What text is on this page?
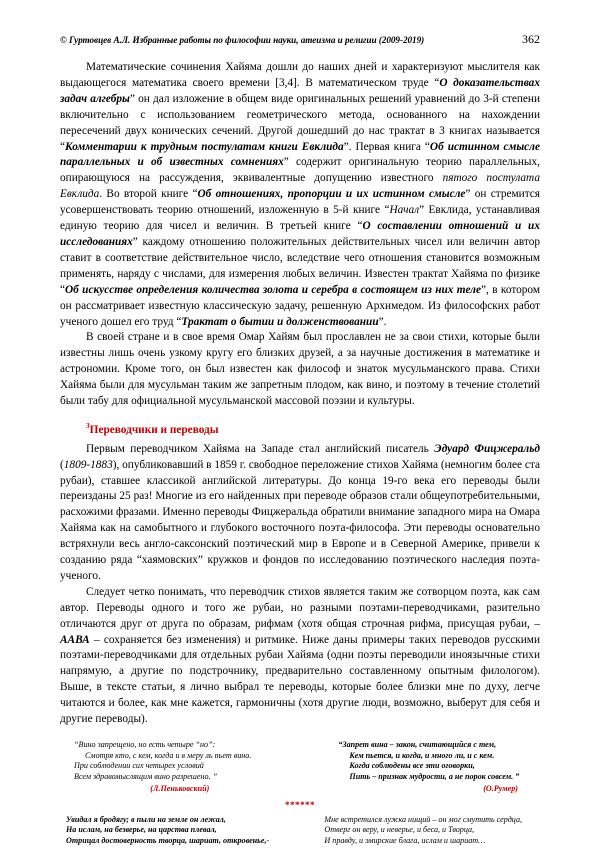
© Гуртовцев А.Л. Избранные работы по философии науки, атеизма и религии (2009-2019)	362

Математические сочинения Хайяма дошли до наших дней и характеризуют мыслителя как выдающегося математика своего времени [3,4]. В математическом труде “О доказательствах задач алгебры” он дал изложение в общем виде оригинальных решений уравнений до 3-й степени включительно с использованием геометрического метода, основанного на нахождении пересечений двух конических сечений. Другой дошедший до нас трактат в 3 книгах называется “Комментарии к трудным постулатам книги Евклида”. Первая книга “Об истинном смысле параллельных и об известных сомнениях” содержит оригинальную теорию параллельных, опирающуюся на рассуждения, эквивалентные допущению известного пятого постулата Евклида. Во второй книге “Об отношениях, пропорции и их истинном смысле” он стремится усовершенствовать теорию отношений, изложенную в 5-й книге “Начал” Евклида, устанавливая единую теорию для чисел и величин. В третьей книге “О составлении отношений и их исследованиях” каждому отношению положительных действительных чисел или величин автор ставит в соответствие действительное число, вследствие чего отношения становится возможным применять, наряду с числами, для измерения любых величин. Известен трактат Хайяма по физике “Об искусстве определения количества золота и серебра в состоящем из них теле”, в котором он рассматривает известную классическую задачу, решенную Архимедом. Из философских работ ученого дошел его труд “Трактат о бытии и долженствовании”.

В своей стране и в свое время Омар Хайям был прославлен не за свои стихи, которые были известны лишь очень узкому кругу его близких друзей, а за научные достижения в математике и астрономии. Кроме того, он был известен как философ и знаток мусульманского права. Стихи Хайяма были для мусульман таким же запретным плодом, как вино, и поэтому в течение столетий были табу для официальной мусульманской массовой поэзии и культуры.

$^3$Переводчики и переводы

Первым переводчиком Хайяма на Западе стал английский писатель Эдуард Фицжеральд (1809-1883), опубликовавший в 1859 г. свободное переложение стихов Хайяма (немногим более ста рубаи), ставшее классикой английской литературы. До конца 19-го века его переводы были переизданы 25 раз! Многие из его найденных при переводе образов стали общеупотребительными, расхожими фразами. Именно переводы Фицжеральда обратили внимание западного мира на Омара Хайяма как на самобытного и глубокого восточного поэта-философа. Эти переводы основательно встряхнули весь англо-саксонский поэтический мир в Европе и в Северной Америке, привели к созданию ряда “хаямовских” кружков и фондов по исследованию поэтического наследия поэта-ученого.

Следует четко понимать, что переводчик стихов является таким же сотворцом поэта, как сам автор. Переводы одного и того же рубаи, но разными поэтами-переводчиками, разительно отличаются друг от друга по образам, рифмам (хотя общая строчная рифма, присущая рубаи, – ААВА – сохраняется без изменения) и ритмике. Ниже даны примеры таких переводов русскими поэтами-переводчиками для отдельных рубаи Хайяма (одни поэты переводили иноязычные стихи напрямую, а другие по подстрочнику, предварительно составленному опытным филологом). Выше, в тексте статьи, я лично выбрал те переводы, которые более близки мне по духу, легче читаются и более, как мне кажется, гармоничны (хотя другие люди, возможно, выберут для себя и другие переводы).

“Вино запрещено, но есть четыре “но”:
Смотря кто, с кем, когда и в меру ль пьет вино.
При соблюдении сих четырех условий
Всем здравомыслящим вино разрешено. ”
(Л.Пеньковский)
“Запрет вина – закон, считающийся с тем,
Кем пьется, и когда, и много ли, и с кем.
Когда соблюдены все эти оговорки,
Пить – признак мудрости, а не порок совсем. ”
(О.Румер)
******
Увидал я бродягу; в пыли на земле он лежал,
На ислам, на безверье, на царства плевал,
Отрицал достоверность творца, шариат, откровенье,-
Мне встретился лужка нищий – он мог смутить сердца,
Отверг он веру, и неверье, и беса, и Творца,
И правду, и эмирские блага, ислам и шариат…
